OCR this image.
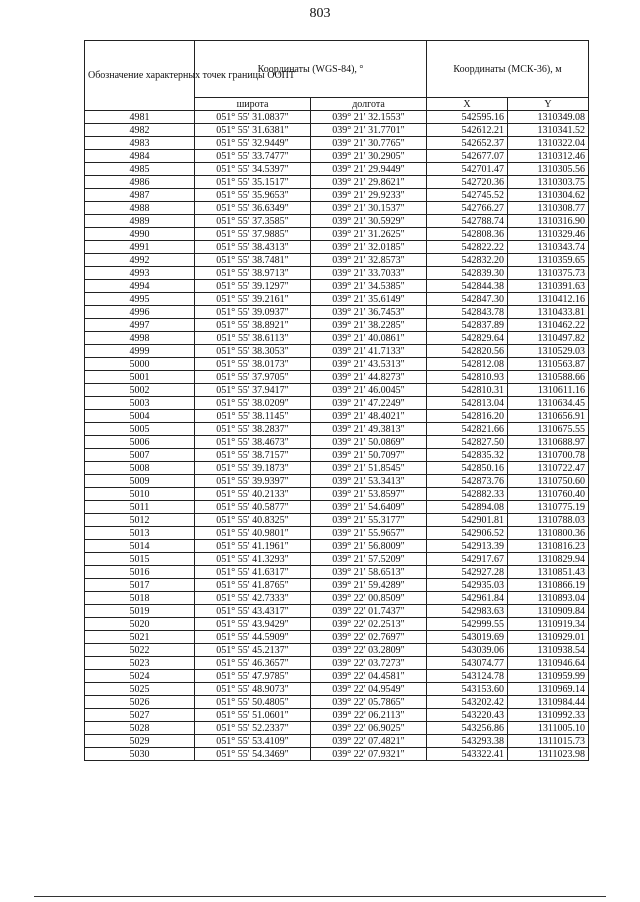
803
Обозначение характерных точек границы ООПТ	Координаты (WGS-84), °		Координаты (МСК-36), м	
	широта	долгота	X	Y
4981	051° 55' 31.0837"	039° 21' 32.1553"	542595.16	1310349.08
4982	051° 55' 31.6381"	039° 21' 31.7701"	542612.21	1310341.52
4983	051° 55' 32.9449"	039° 21' 30.7765"	542652.37	1310322.04
4984	051° 55' 33.7477"	039° 21' 30.2905"	542677.07	1310312.46
4985	051° 55' 34.5397"	039° 21' 29.9449"	542701.47	1310305.56
4986	051° 55' 35.1517"	039° 21' 29.8621"	542720.36	1310303.75
4987	051° 55' 35.9653"	039° 21' 29.9233"	542745.52	1310304.62
4988	051° 55' 36.6349"	039° 21' 30.1537"	542766.27	1310308.77
4989	051° 55' 37.3585"	039° 21' 30.5929"	542788.74	1310316.90
4990	051° 55' 37.9885"	039° 21' 31.2625"	542808.36	1310329.46
4991	051° 55' 38.4313"	039° 21' 32.0185"	542822.22	1310343.74
4992	051° 55' 38.7481"	039° 21' 32.8573"	542832.20	1310359.65
4993	051° 55' 38.9713"	039° 21' 33.7033"	542839.30	1310375.73
4994	051° 55' 39.1297"	039° 21' 34.5385"	542844.38	1310391.63
4995	051° 55' 39.2161"	039° 21' 35.6149"	542847.30	1310412.16
4996	051° 55' 39.0937"	039° 21' 36.7453"	542843.78	1310433.81
4997	051° 55' 38.8921"	039° 21' 38.2285"	542837.89	1310462.22
4998	051° 55' 38.6113"	039° 21' 40.0861"	542829.64	1310497.82
4999	051° 55' 38.3053"	039° 21' 41.7133"	542820.56	1310529.03
5000	051° 55' 38.0173"	039° 21' 43.5313"	542812.08	1310563.87
5001	051° 55' 37.9705"	039° 21' 44.8273"	542810.93	1310588.66
5002	051° 55' 37.9417"	039° 21' 46.0045"	542810.31	1310611.16
5003	051° 55' 38.0209"	039° 21' 47.2249"	542813.04	1310634.45
5004	051° 55' 38.1145"	039° 21' 48.4021"	542816.20	1310656.91
5005	051° 55' 38.2837"	039° 21' 49.3813"	542821.66	1310675.55
5006	051° 55' 38.4673"	039° 21' 50.0869"	542827.50	1310688.97
5007	051° 55' 38.7157"	039° 21' 50.7097"	542835.32	1310700.78
5008	051° 55' 39.1873"	039° 21' 51.8545"	542850.16	1310722.47
5009	051° 55' 39.9397"	039° 21' 53.3413"	542873.76	1310750.60
5010	051° 55' 40.2133"	039° 21' 53.8597"	542882.33	1310760.40
5011	051° 55' 40.5877"	039° 21' 54.6409"	542894.08	1310775.19
5012	051° 55' 40.8325"	039° 21' 55.3177"	542901.81	1310788.03
5013	051° 55' 40.9801"	039° 21' 55.9657"	542906.52	1310800.36
5014	051° 55' 41.1961"	039° 21' 56.8009"	542913.39	1310816.23
5015	051° 55' 41.3293"	039° 21' 57.5209"	542917.67	1310829.94
5016	051° 55' 41.6317"	039° 21' 58.6513"	542927.28	1310851.43
5017	051° 55' 41.8765"	039° 21' 59.4289"	542935.03	1310866.19
5018	051° 55' 42.7333"	039° 22' 00.8509"	542961.84	1310893.04
5019	051° 55' 43.4317"	039° 22' 01.7437"	542983.63	1310909.84
5020	051° 55' 43.9429"	039° 22' 02.2513"	542999.55	1310919.34
5021	051° 55' 44.5909"	039° 22' 02.7697"	543019.69	1310929.01
5022	051° 55' 45.2137"	039° 22' 03.2809"	543039.06	1310938.54
5023	051° 55' 46.3657"	039° 22' 03.7273"	543074.77	1310946.64
5024	051° 55' 47.9785"	039° 22' 04.4581"	543124.78	1310959.99
5025	051° 55' 48.9073"	039° 22' 04.9549"	543153.60	1310969.14
5026	051° 55' 50.4805"	039° 22' 05.7865"	543202.42	1310984.44
5027	051° 55' 51.0601"	039° 22' 06.2113"	543220.43	1310992.33
5028	051° 55' 52.2337"	039° 22' 06.9025"	543256.86	1311005.10
5029	051° 55' 53.4109"	039° 22' 07.4821"	543293.38	1311015.73
5030	051° 55' 54.3469"	039° 22' 07.9321"	543322.41	1311023.98
